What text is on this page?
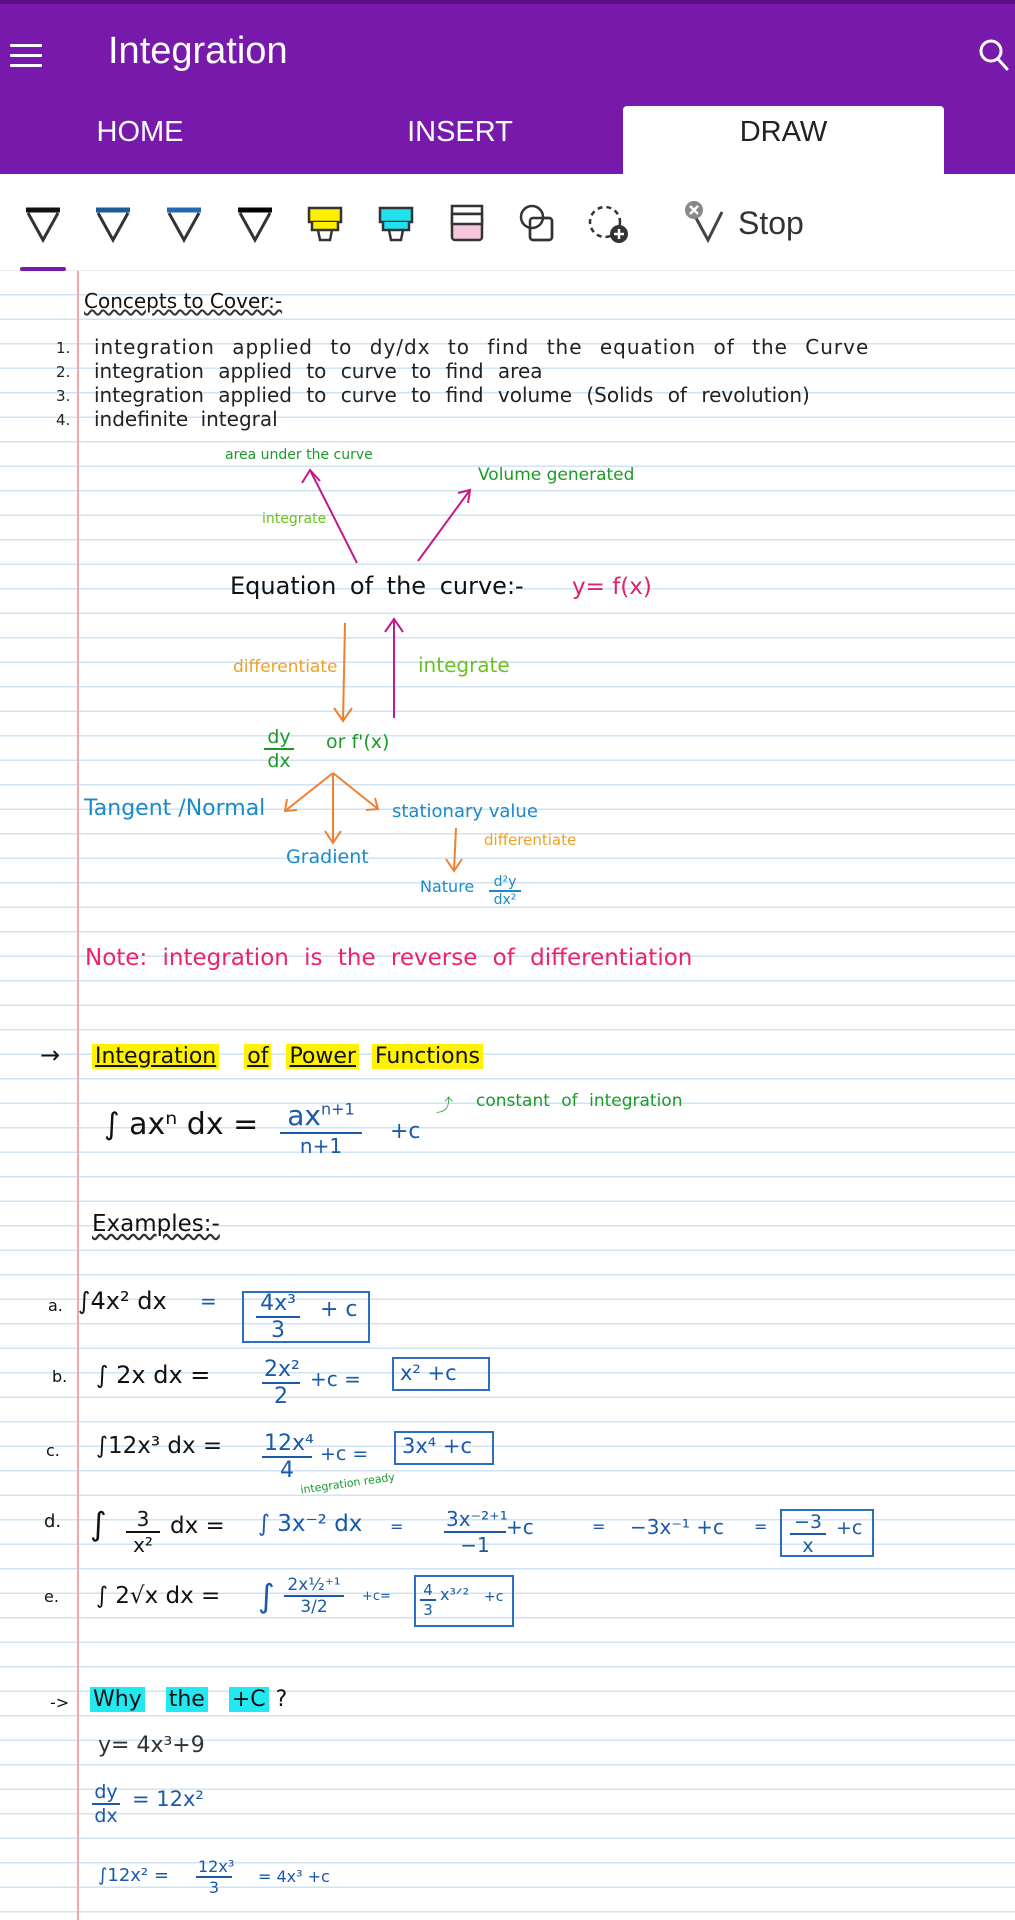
Integration
HOME	INSERT	DRAW
Stop
Concepts to Cover:-
1. integration applied to dy/dx to find the equation of the Curve
2. integration applied to curve to find area
3. integration applied to curve to find volume (Solids of revolution)
4. indefinite integral
area under the curve
integrate
Volume generated
Equation of the curve:- y= f(x)
differentiate	integrate
$\frac{dy}{dx}$ or f'(x)
Tangent /Normal	stationary value
Gradient
differentiate
Nature $\frac{\text{d²y}}{\text{dx²}}$
Note: integration is the reverse of differentiation
→ Integration of Power Functions
∫ axⁿ dx = $ax^{n+1}$
n+1
+c
⤴ constant of integration
Examples:-
a. ∫4x² dx = $\frac{\text{4x³}}{3} + c$
b. ∫ 2x dx = $\frac{\text{2x²}}{2} +c = x^2 +c$
c. ∫12x³ dx = $\frac{\text{12x⁴}}{4} +c = 3x^4 +c$
d. ∫ $\frac{3}{\text{x²}}$ dx = ∫ 3x⁻² dx
integration ready
= $\frac{\text{3x⁻²⁺¹}}{-1} +c$	= $-3x^{-1} +c = \frac{-3}{x} +c$
e. ∫ 2√x dx = ∫ $\frac{\text{2x½⁺¹}}{3/2} +c= \frac{4}{3}$ x³ᐟ² +c
-> Why the +C ?
y= 4x³+9
$\frac{dy}{dx} = 12x^2$
$\int 12x^2 = \frac{\text{12x³}}{3} = 4x^3 +c$
